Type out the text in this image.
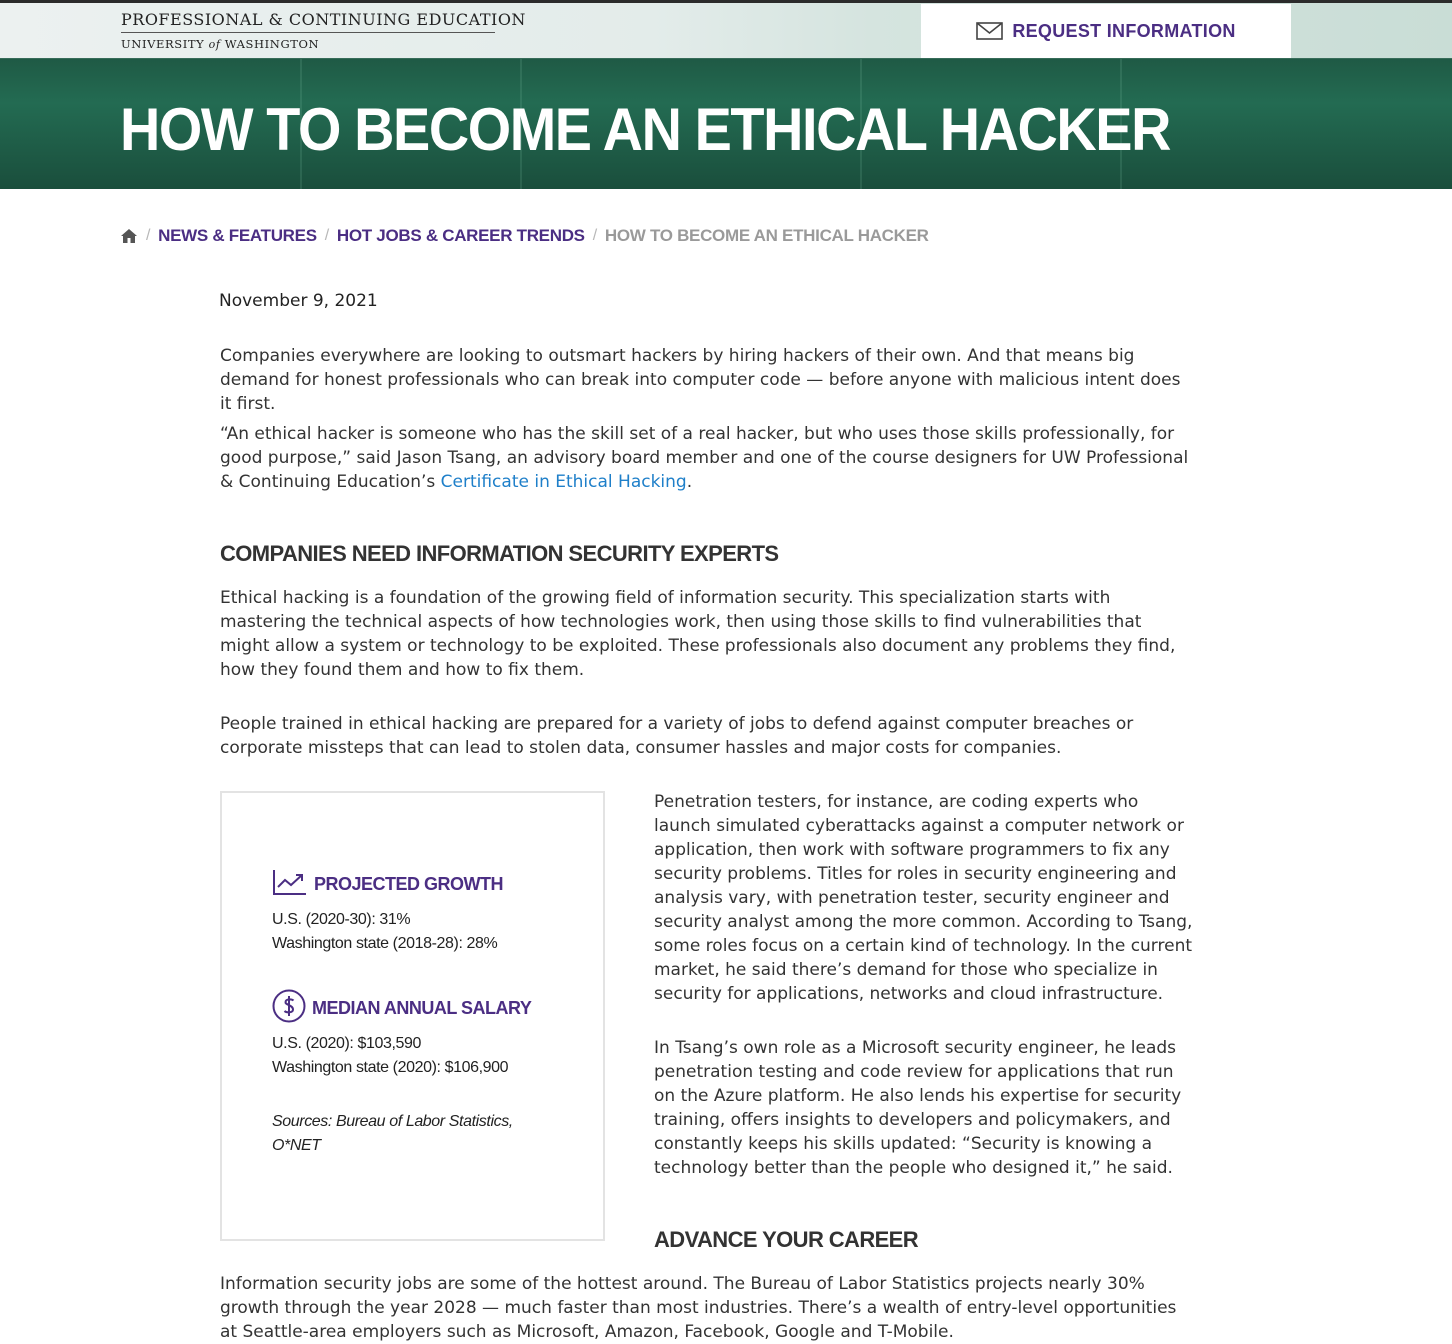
PROFESSIONAL & CONTINUING EDUCATION
UNIVERSITY of WASHINGTON
REQUEST INFORMATION
HOW TO BECOME AN ETHICAL HACKER
/ NEWS & FEATURES / HOT JOBS & CAREER TRENDS / HOW TO BECOME AN ETHICAL HACKER
November 9, 2021

Companies everywhere are looking to outsmart hackers by hiring hackers of their own. And that means big demand for honest professionals who can break into computer code — before anyone with malicious intent does it first.

“An ethical hacker is someone who has the skill set of a real hacker, but who uses those skills professionally, for good purpose,” said Jason Tsang, an advisory board member and one of the course designers for UW Professional & Continuing Education’s Certificate in Ethical Hacking.

COMPANIES NEED INFORMATION SECURITY EXPERTS

Ethical hacking is a foundation of the growing field of information security. This specialization starts with mastering the technical aspects of how technologies work, then using those skills to find vulnerabilities that might allow a system or technology to be exploited. These professionals also document any problems they find, how they found them and how to fix them.

People trained in ethical hacking are prepared for a variety of jobs to defend against computer breaches or corporate missteps that can lead to stolen data, consumer hassles and major costs for companies.

PROJECTED GROWTH
U.S. (2020-30): 31%
Washington state (2018-28): 28%
MEDIAN ANNUAL SALARY
U.S. (2020): $103,590
Washington state (2020): $106,900
Sources: Bureau of Labor Statistics, O*NET

Penetration testers, for instance, are coding experts who launch simulated cyberattacks against a computer network or application, then work with software programmers to fix any security problems. Titles for roles in security engineering and analysis vary, with penetration tester, security engineer and security analyst among the more common. According to Tsang, some roles focus on a certain kind of technology. In the current market, he said there’s demand for those who specialize in security for applications, networks and cloud infrastructure.

In Tsang’s own role as a Microsoft security engineer, he leads penetration testing and code review for applications that run on the Azure platform. He also lends his expertise for security training, offers insights to developers and policymakers, and constantly keeps his skills updated: “Security is knowing a technology better than the people who designed it,” he said.

ADVANCE YOUR CAREER

Information security jobs are some of the hottest around. The Bureau of Labor Statistics projects nearly 30% growth through the year 2028 — much faster than most industries. There’s a wealth of entry-level opportunities at Seattle-area employers such as Microsoft, Amazon, Facebook, Google and T-Mobile.
